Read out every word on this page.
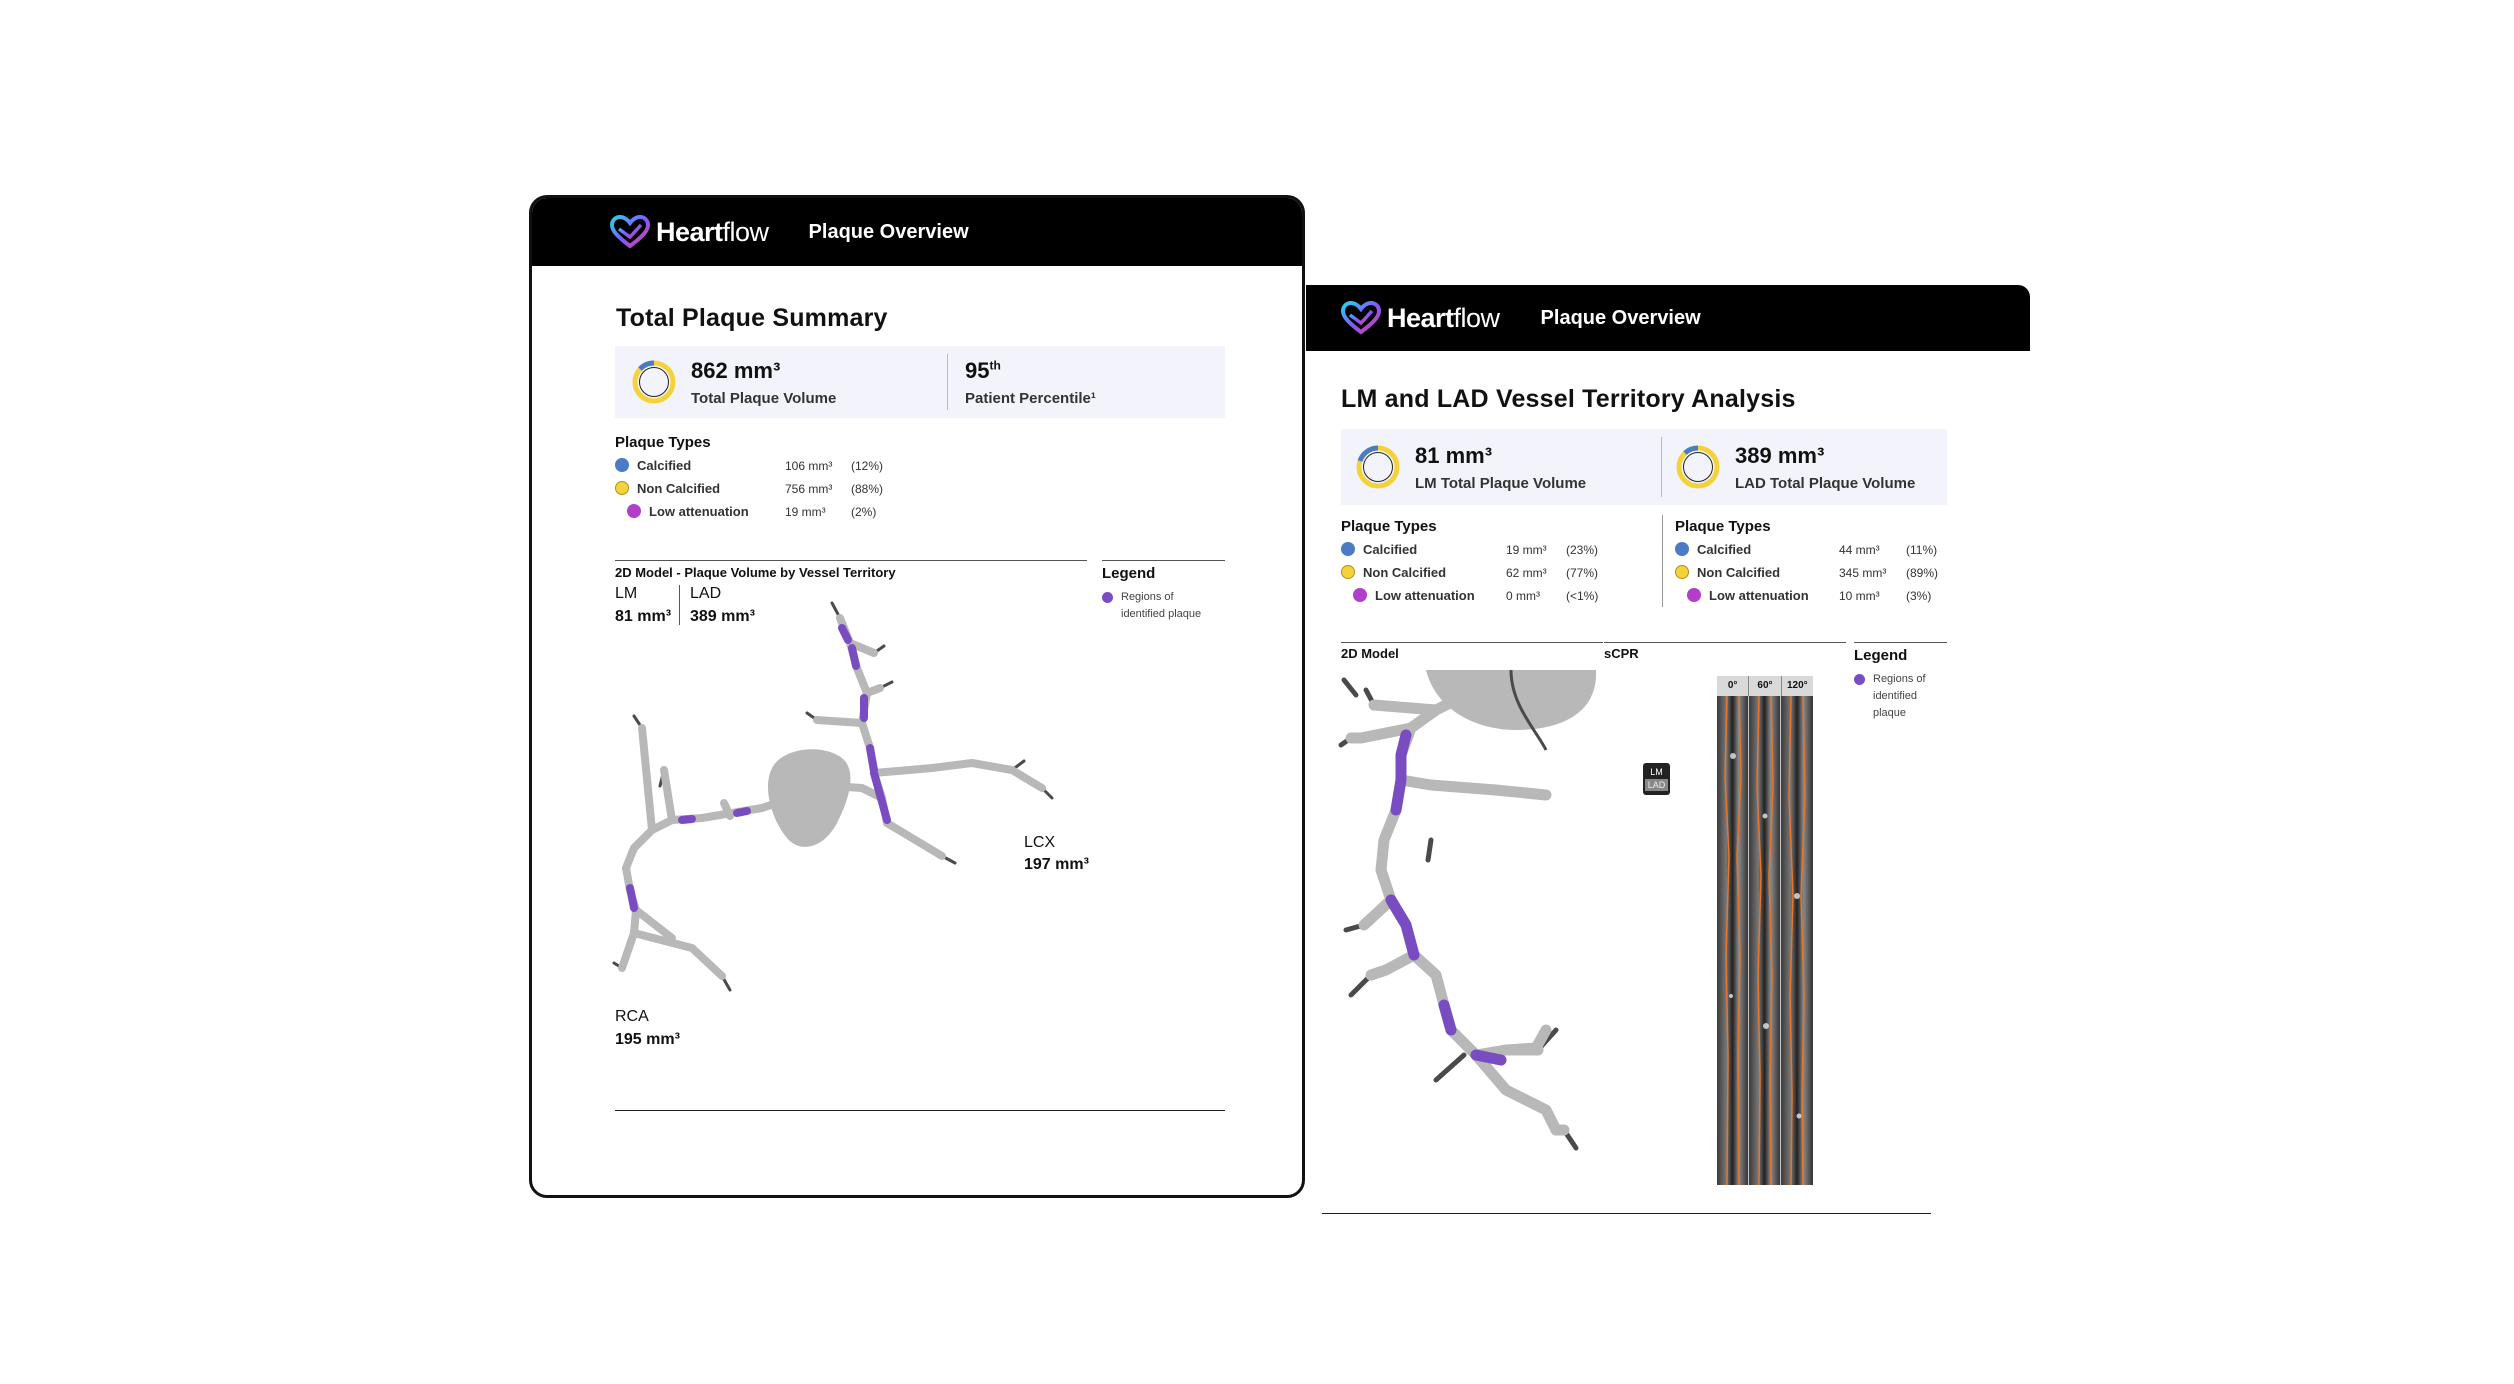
Heartflow Plaque Overview
Total Plaque Summary
862 mm³
Total Plaque Volume
95th
Patient Percentile¹
Plaque Types
Calcified	106 mm³ (12%)
Non Calcified	756 mm³ (88%)
Low attenuation	19 mm³ (2%)
2D Model - Plaque Volume by Vessel Territory	Legend
Regions of
identified plaque
LM
81 mm³
LAD
389 mm³
LCX
197 mm³
RCA
195 mm³
Heartflow Plaque Overview
LM and LAD Vessel Territory Analysis
81 mm³
LM Total Plaque Volume
389 mm³
LAD Total Plaque Volume
Plaque Types
Calcified	19 mm³ (23%)
Non Calcified	62 mm³ (77%)
Low attenuation	0 mm³ (<1%)
Plaque Types
Calcified	44 mm³ (11%)
Non Calcified	345 mm³ (89%)
Low attenuation	10 mm³ (3%)
2D Model	sCPR	Legend
Regions of
identified
plaque
LM
LAD
0°	60°	120°
